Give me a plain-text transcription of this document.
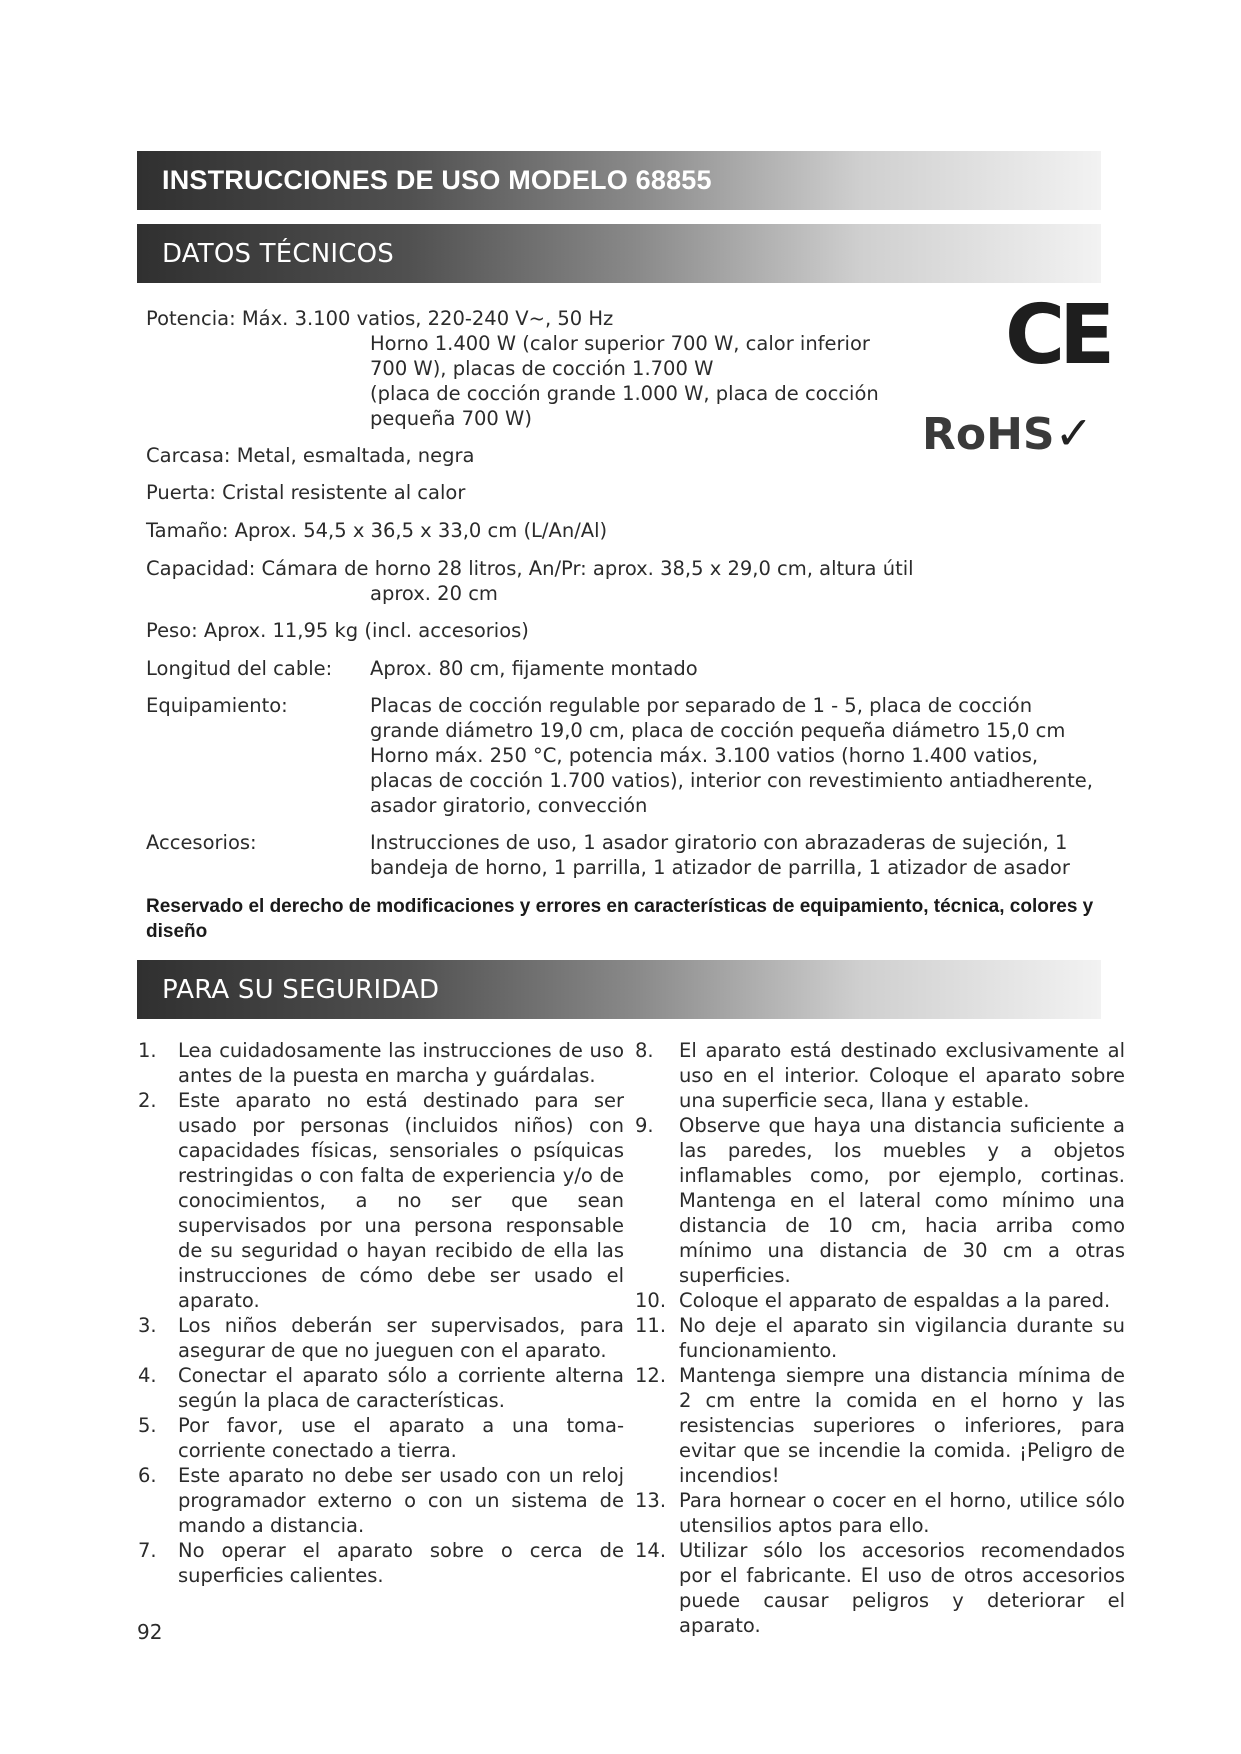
INSTRUCCIONES DE USO MODELO 68855
DATOS TÉCNICOS
Potencia: Máx. 3.100 vatios, 220-240 V~, 50 Hz
Horno 1.400 W (calor superior 700 W, calor inferior
700 W), placas de cocción 1.700 W
(placa de cocción grande 1.000 W, placa de cocción
pequeña 700 W)
Carcasa: Metal, esmaltada, negra
Puerta: Cristal resistente al calor
Tamaño: Aprox. 54,5 x 36,5 x 33,0 cm (L/An/Al)
Capacidad: Cámara de horno 28 litros, An/Pr: aprox. 38,5 x 29,0 cm, altura útil
aprox. 20 cm
Peso: Aprox. 11,95 kg (incl. accesorios)
Longitud del cable: Aprox. 80 cm, fijamente montado
Equipamiento:	Placas de cocción regulable por separado de 1 - 5, placa de cocción
grande diámetro 19,0 cm, placa de cocción pequeña diámetro 15,0 cm
Horno máx. 250 °C, potencia máx. 3.100 vatios (horno 1.400 vatios,
placas de cocción 1.700 vatios), interior con revestimiento antiadherente,
asador giratorio, convección
Accesorios:	Instrucciones de uso, 1 asador giratorio con abrazaderas de sujeción, 1
bandeja de horno, 1 parrilla, 1 atizador de parrilla, 1 atizador de asador
CE
RoHS✓
Reservado el derecho de modificaciones y errores en características de equipamiento, técnica, colores y diseño
PARA SU SEGURIDAD
1. Lea cuidadosamente las instrucciones de uso antes de la puesta en marcha y guárdalas.
2. Este aparato no está destinado para ser usado por personas (incluidos niños) con capacidades físicas, sensoriales o psíquicas restringidas o con falta de experiencia y/o de conocimientos, a no ser que sean supervisados por una persona responsable de su seguridad o hayan recibido de ella las instrucciones de cómo debe ser usado el aparato.
3. Los niños deberán ser supervisados, para asegurar de que no jueguen con el aparato.
4. Conectar el aparato sólo a corriente alterna según la placa de características.
5. Por favor, use el aparato a una toma-corriente conectado a tierra.
6. Este aparato no debe ser usado con un reloj programador externo o con un sistema de mando a distancia.
7. No operar el aparato sobre o cerca de superficies calientes.
8. El aparato está destinado exclusivamente al uso en el interior. Coloque el aparato sobre una superficie seca, llana y estable.
9. Observe que haya una distancia suficiente a las paredes, los muebles y a objetos inflamables como, por ejemplo, cortinas. Mantenga en el lateral como mínimo una distancia de 10 cm, hacia arriba como mínimo una distancia de 30 cm a otras superficies.
10. Coloque el apparato de espaldas a la pared.
11. No deje el aparato sin vigilancia durante su funcionamiento.
12. Mantenga siempre una distancia mínima de 2 cm entre la comida en el horno y las resistencias superiores o inferiores, para evitar que se incendie la comida. ¡Peligro de incendios!
13. Para hornear o cocer en el horno, utilice sólo utensilios aptos para ello.
14. Utilizar sólo los accesorios recomendados por el fabricante. El uso de otros accesorios puede causar peligros y deteriorar el aparato.
92
